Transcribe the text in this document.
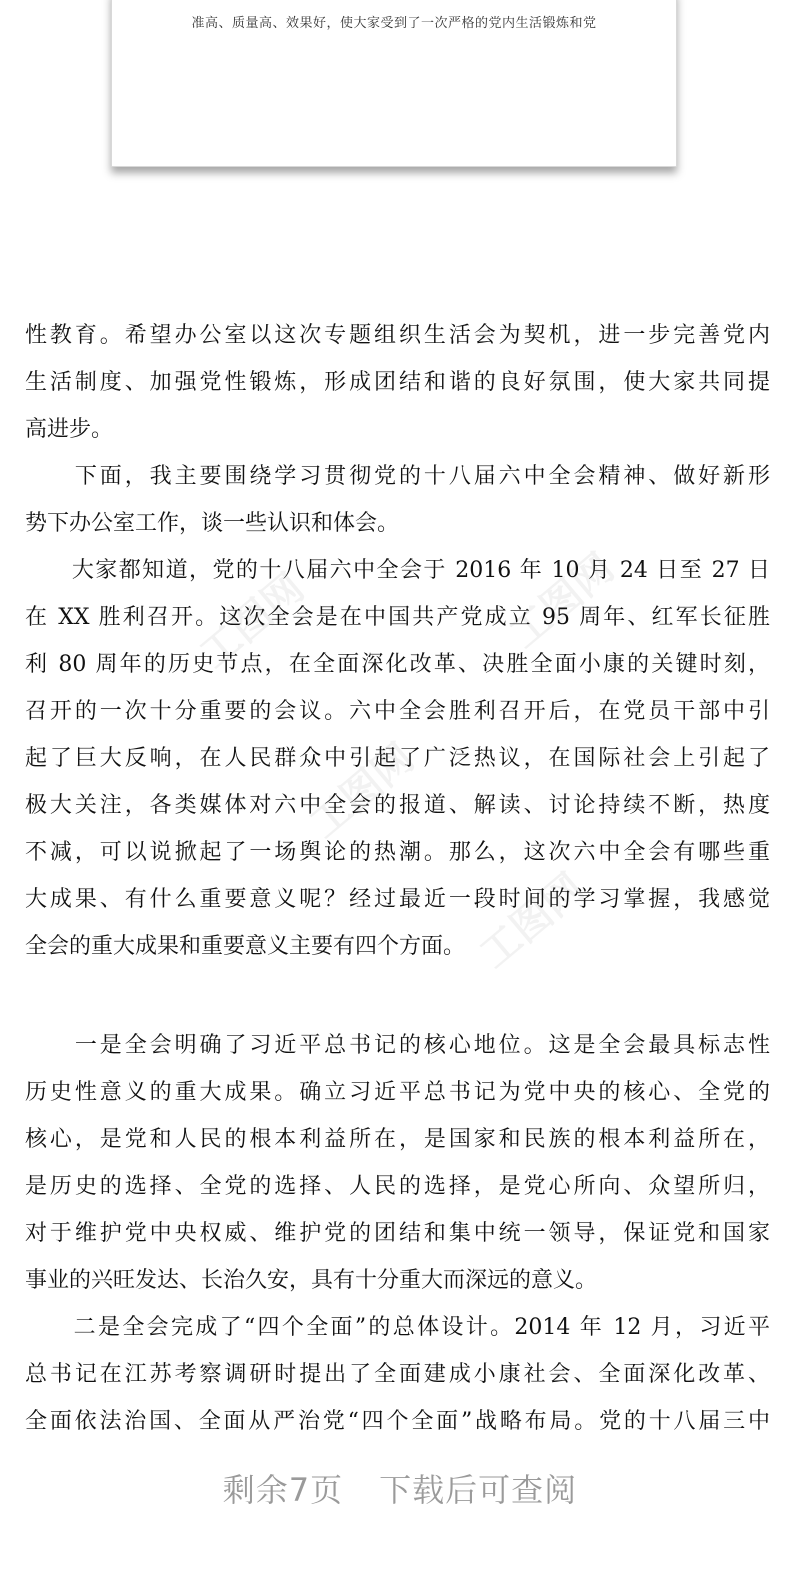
准高、质量高、效果好，使大家受到了一次严格的党内生活锻炼和党
工图网	工图网
工图网
工图网
性教育。希望办公室以这次专题组织生活会为契机，进一步完善党内
生活制度、加强党性锻炼，形成团结和谐的良好氛围，使大家共同提
高进步。
　　下面，我主要围绕学习贯彻党的十八届六中全会精神、做好新形
势下办公室工作，谈一些认识和体会。
　　大家都知道，党的十八届六中全会于 2016 年 10 月 24 日至 27 日
在 XX 胜利召开。这次全会是在中国共产党成立 95 周年、红军长征胜
利 80 周年的历史节点，在全面深化改革、决胜全面小康的关键时刻，
召开的一次十分重要的会议。六中全会胜利召开后，在党员干部中引
起了巨大反响，在人民群众中引起了广泛热议，在国际社会上引起了
极大关注，各类媒体对六中全会的报道、解读、讨论持续不断，热度
不减，可以说掀起了一场舆论的热潮。那么，这次六中全会有哪些重
大成果、有什么重要意义呢？经过最近一段时间的学习掌握，我感觉
全会的重大成果和重要意义主要有四个方面。
　　一是全会明确了习近平总书记的核心地位。这是全会最具标志性
历史性意义的重大成果。确立习近平总书记为党中央的核心、全党的
核心，是党和人民的根本利益所在，是国家和民族的根本利益所在，
是历史的选择、全党的选择、人民的选择，是党心所向、众望所归，
对于维护党中央权威、维护党的团结和集中统一领导，保证党和国家
事业的兴旺发达、长治久安，具有十分重大而深远的意义。
　　二是全会完成了“四个全面”的总体设计。2014 年 12 月，习近平
总书记在江苏考察调研时提出了全面建成小康社会、全面深化改革、
全面依法治国、全面从严治党“四个全面”战略布局。党的十八届三中
剩余7页 下载后可查阅
